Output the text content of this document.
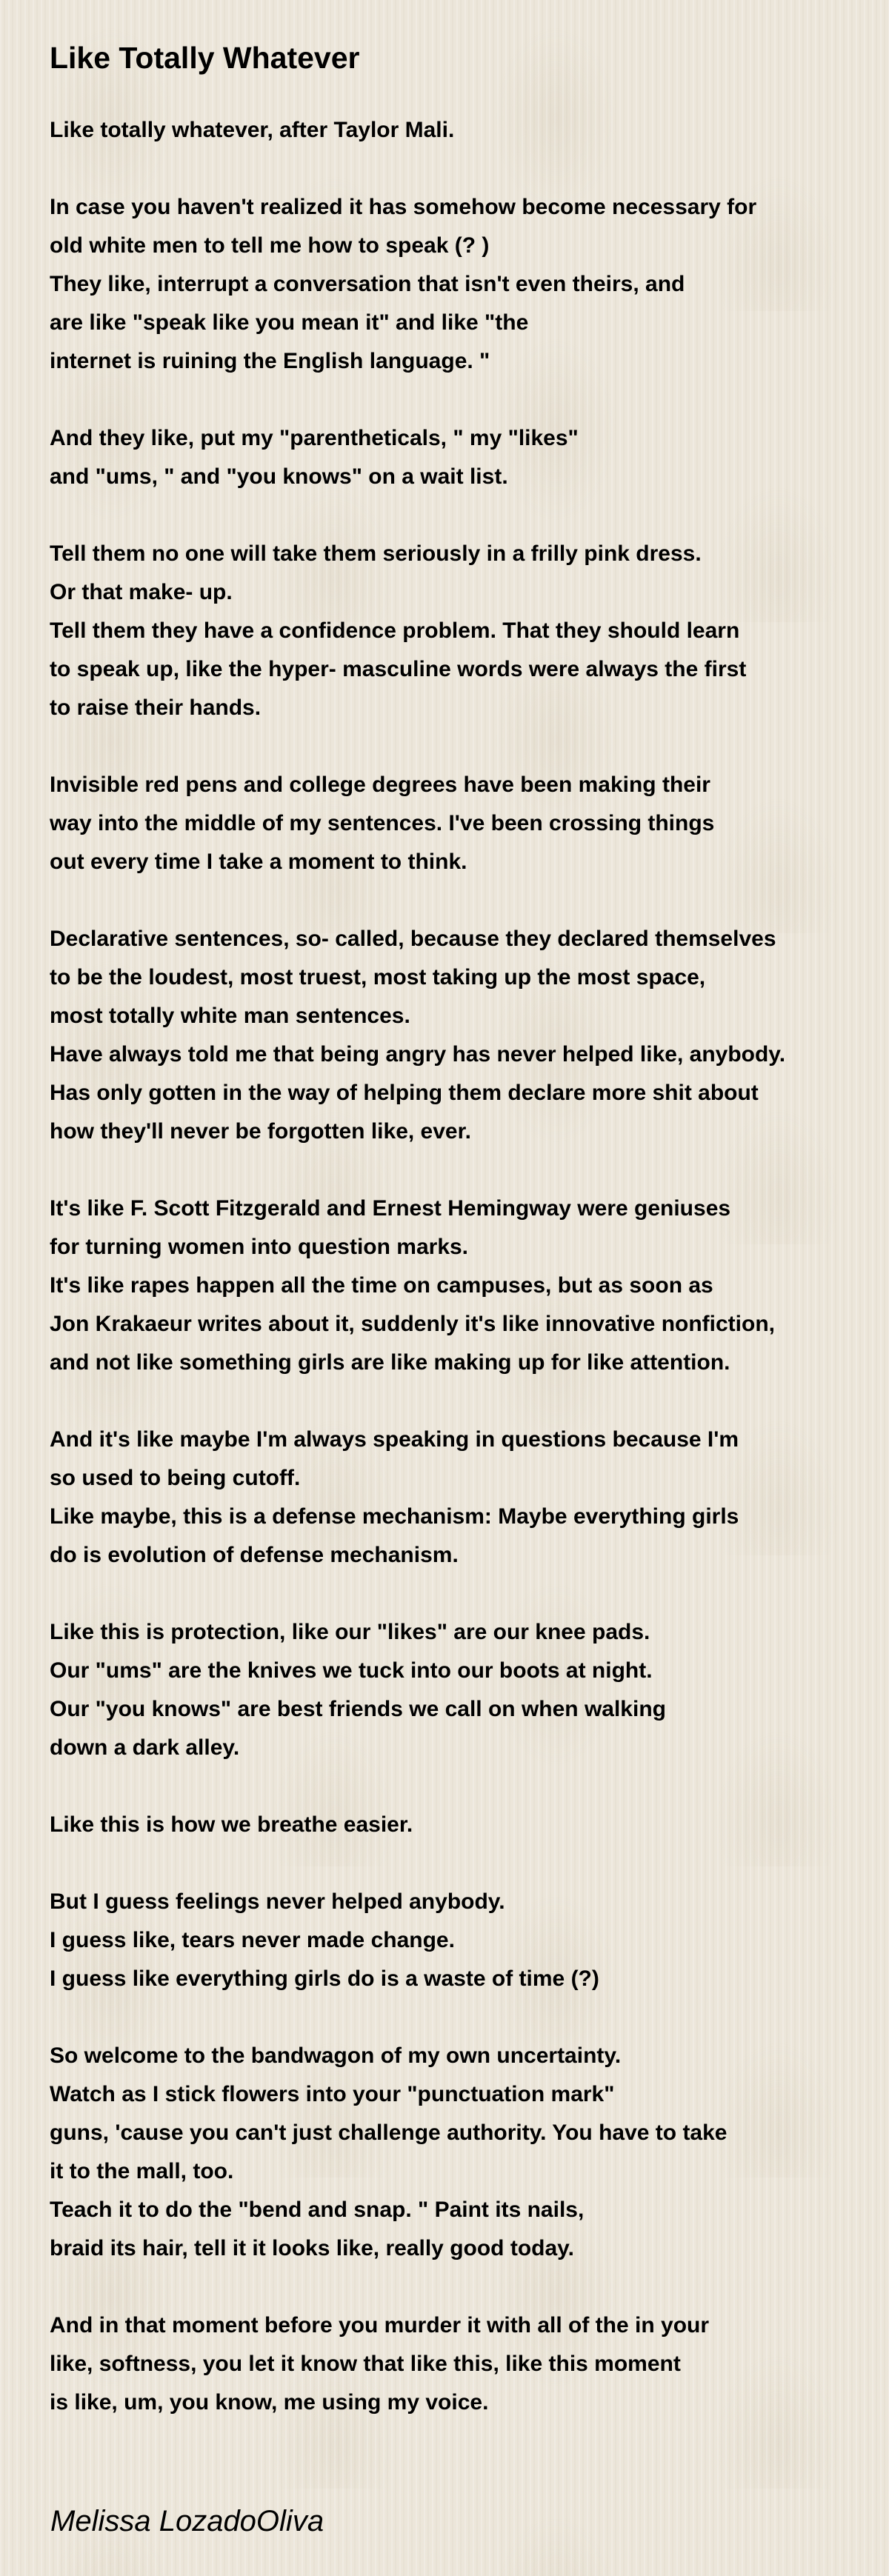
Like Totally Whatever

Like totally whatever, after Taylor Mali.

In case you haven't realized it has somehow become necessary for
old white men to tell me how to speak (? )
They like, interrupt a conversation that isn't even theirs, and
are like "speak like you mean it" and like "the
internet is ruining the English language. "
And they like, put my "parentheticals, " my "likes"
and "ums, " and "you knows" on a wait list.
Tell them no one will take them seriously in a frilly pink dress.
Or that make- up.
Tell them they have a confidence problem. That they should learn
to speak up, like the hyper- masculine words were always the first
to raise their hands.
Invisible red pens and college degrees have been making their
way into the middle of my sentences. I've been crossing things
out every time I take a moment to think.
Declarative sentences, so- called, because they declared themselves
to be the loudest, most truest, most taking up the most space,
most totally white man sentences.
Have always told me that being angry has never helped like, anybody.
Has only gotten in the way of helping them declare more shit about
how they'll never be forgotten like, ever.
It's like F. Scott Fitzgerald and Ernest Hemingway were geniuses
for turning women into question marks.
It's like rapes happen all the time on campuses, but as soon as
Jon Krakaeur writes about it, suddenly it's like innovative nonfiction,
and not like something girls are like making up for like attention.
And it's like maybe I'm always speaking in questions because I'm
so used to being cutoff.
Like maybe, this is a defense mechanism: Maybe everything girls
do is evolution of defense mechanism.
Like this is protection, like our "likes" are our knee pads.
Our "ums" are the knives we tuck into our boots at night.
Our "you knows" are best friends we call on when walking
down a dark alley.
Like this is how we breathe easier.
But I guess feelings never helped anybody.
I guess like, tears never made change.
I guess like everything girls do is a waste of time (?)
So welcome to the bandwagon of my own uncertainty.
Watch as I stick flowers into your "punctuation mark"
guns, 'cause you can't just challenge authority. You have to take
it to the mall, too.
Teach it to do the "bend and snap. " Paint its nails,
braid its hair, tell it it looks like, really good today.
And in that moment before you murder it with all of the in your
like, softness, you let it know that like this, like this moment
is like, um, you know, me using my voice.

Melissa LozadoOliva
